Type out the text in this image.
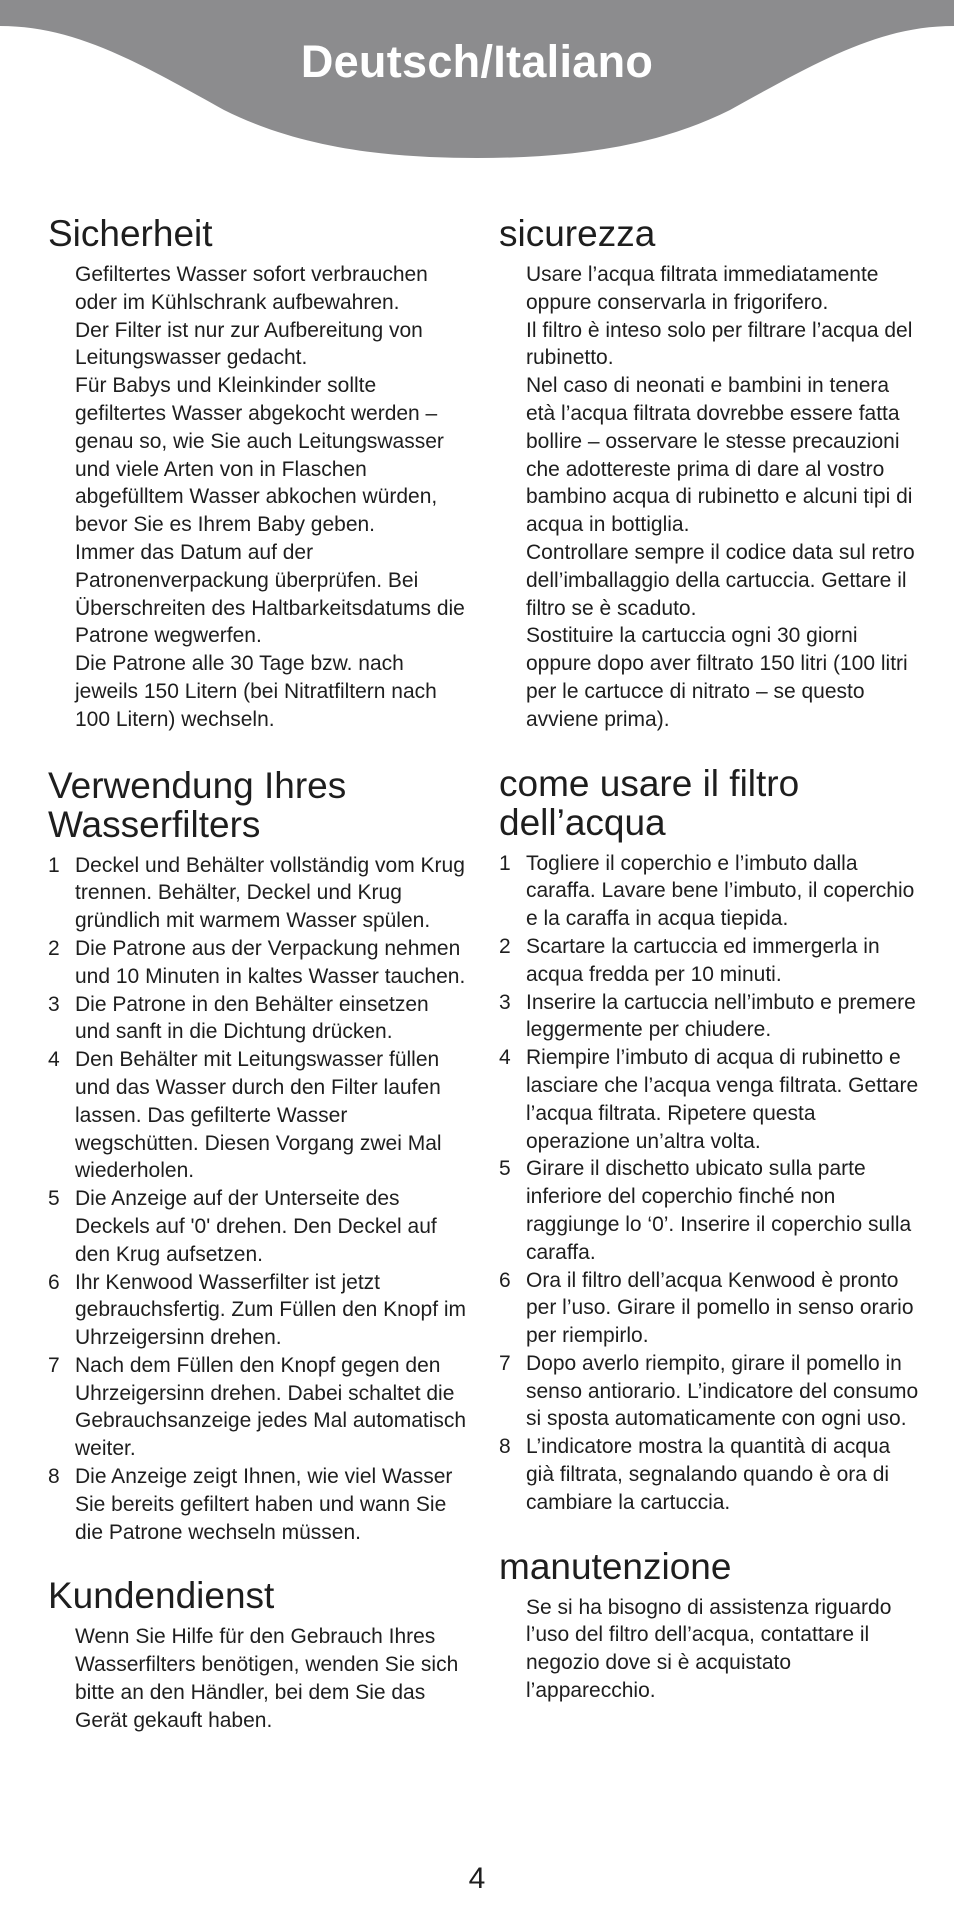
Deutsch/Italiano
Sicherheit
Gefiltertes Wasser sofort verbrauchen oder im Kühlschrank aufbewahren.
Der Filter ist nur zur Aufbereitung von Leitungswasser gedacht.
Für Babys und Kleinkinder sollte gefiltertes Wasser abgekocht werden – genau so, wie Sie auch Leitungswasser und viele Arten von in Flaschen abgefülltem Wasser abkochen würden, bevor Sie es Ihrem Baby geben.
Immer das Datum auf der Patronenverpackung überprüfen. Bei Überschreiten des Haltbarkeitsdatums die Patrone wegwerfen.
Die Patrone alle 30 Tage bzw. nach jeweils 150 Litern (bei Nitratfiltern nach 100 Litern) wechseln.
Verwendung Ihres Wasserfilters
1 Deckel und Behälter vollständig vom Krug trennen. Behälter, Deckel und Krug gründlich mit warmem Wasser spülen.
2 Die Patrone aus der Verpackung nehmen und 10 Minuten in kaltes Wasser tauchen.
3 Die Patrone in den Behälter einsetzen und sanft in die Dichtung drücken.
4 Den Behälter mit Leitungswasser füllen und das Wasser durch den Filter laufen lassen. Das gefilterte Wasser wegschütten. Diesen Vorgang zwei Mal wiederholen.
5 Die Anzeige auf der Unterseite des Deckels auf '0' drehen. Den Deckel auf den Krug aufsetzen.
6 Ihr Kenwood Wasserfilter ist jetzt gebrauchsfertig. Zum Füllen den Knopf im Uhrzeigersinn drehen.
7 Nach dem Füllen den Knopf gegen den Uhrzeigersinn drehen. Dabei schaltet die Gebrauchsanzeige jedes Mal automatisch weiter.
8 Die Anzeige zeigt Ihnen, wie viel Wasser Sie bereits gefiltert haben und wann Sie die Patrone wechseln müssen.
Kundendienst
Wenn Sie Hilfe für den Gebrauch Ihres Wasserfilters benötigen, wenden Sie sich bitte an den Händler, bei dem Sie das Gerät gekauft haben.
sicurezza
Usare l’acqua filtrata immediatamente oppure conservarla in frigorifero.
Il filtro è inteso solo per filtrare l’acqua del rubinetto.
Nel caso di neonati e bambini in tenera età l’acqua filtrata dovrebbe essere fatta bollire – osservare le stesse precauzioni che adottereste prima di dare al vostro bambino acqua di rubinetto e alcuni tipi di acqua in bottiglia.
Controllare sempre il codice data sul retro dell’imballaggio della cartuccia. Gettare il filtro se è scaduto.
Sostituire la cartuccia ogni 30 giorni oppure dopo aver filtrato 150 litri (100 litri per le cartucce di nitrato – se questo avviene prima).
come usare il filtro dell’acqua
1 Togliere il coperchio e l’imbuto dalla caraffa. Lavare bene l’imbuto, il coperchio e la caraffa in acqua tiepida.
2 Scartare la cartuccia ed immergerla in acqua fredda per 10 minuti.
3 Inserire la cartuccia nell’imbuto e premere leggermente per chiudere.
4 Riempire l’imbuto di acqua di rubinetto e lasciare che l’acqua venga filtrata. Gettare l’acqua filtrata. Ripetere questa operazione un’altra volta.
5 Girare il dischetto ubicato sulla parte inferiore del coperchio finché non raggiunge lo ‘0’. Inserire il coperchio sulla caraffa.
6 Ora il filtro dell’acqua Kenwood è pronto per l’uso. Girare il pomello in senso orario per riempirlo.
7 Dopo averlo riempito, girare il pomello in senso antiorario. L’indicatore del consumo si sposta automaticamente con ogni uso.
8 L’indicatore mostra la quantità di acqua già filtrata, segnalando quando è ora di cambiare la cartuccia.
manutenzione
Se si ha bisogno di assistenza riguardo l’uso del filtro dell’acqua, contattare il negozio dove si è acquistato l’apparecchio.
4
